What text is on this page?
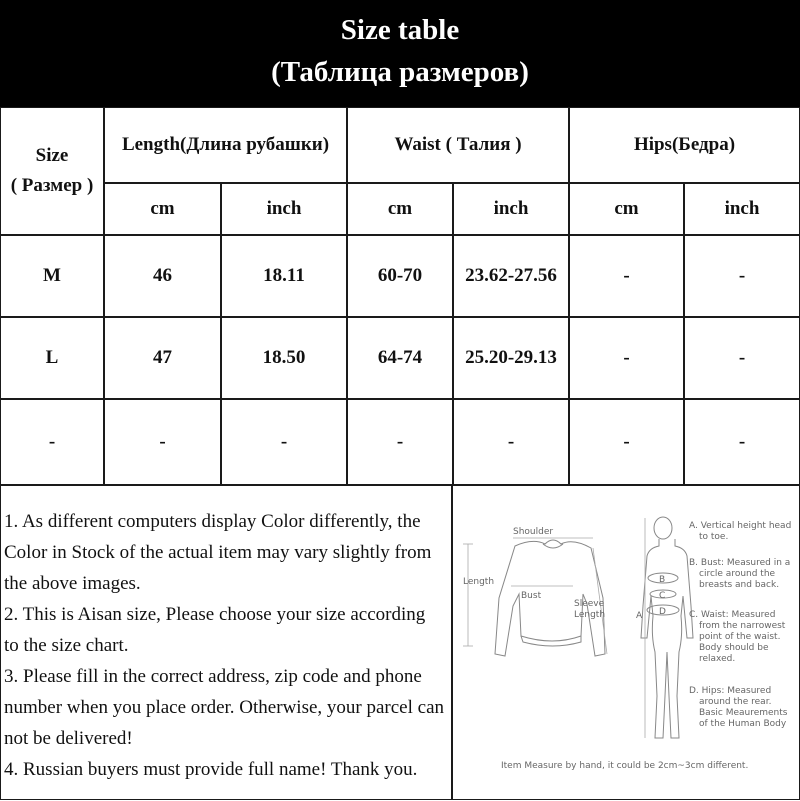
Size table
(Таблица размеров)
Size
( Размер )
Length(Длина рубашки)	Waist ( Талия )	Hips(Бедра)
cm	inch	cm	inch	cm	inch
M	46	18.11	60-70	23.62-27.56	-	-
L	47	18.50	64-74	25.20-29.13	-	-
-	-	-	-	-	-	-

1. As different computers display Color differently, the

Color in Stock of the actual item may vary slightly from

the above images.

2. This is Aisan size, Please choose your size according

to the size chart.

3. Please fill in the correct address, zip code and phone

number when you place order. Otherwise, your parcel can

not be delivered!

4. Russian buyers must provide full name! Thank you.

Shoulder
Length
Bust
Sleeve
Length	A
B
C
D
A. Vertical height head
to toe.
B. Bust: Measured in a
circle around the
breasts and back.
C. Waist: Measured
from the narrowest
point of the waist.
Body should be
relaxed.
D. Hips: Measured
around the rear.
Basic Meaurements
of the Human Body
Item Measure by hand, it could be 2cm~3cm different.
